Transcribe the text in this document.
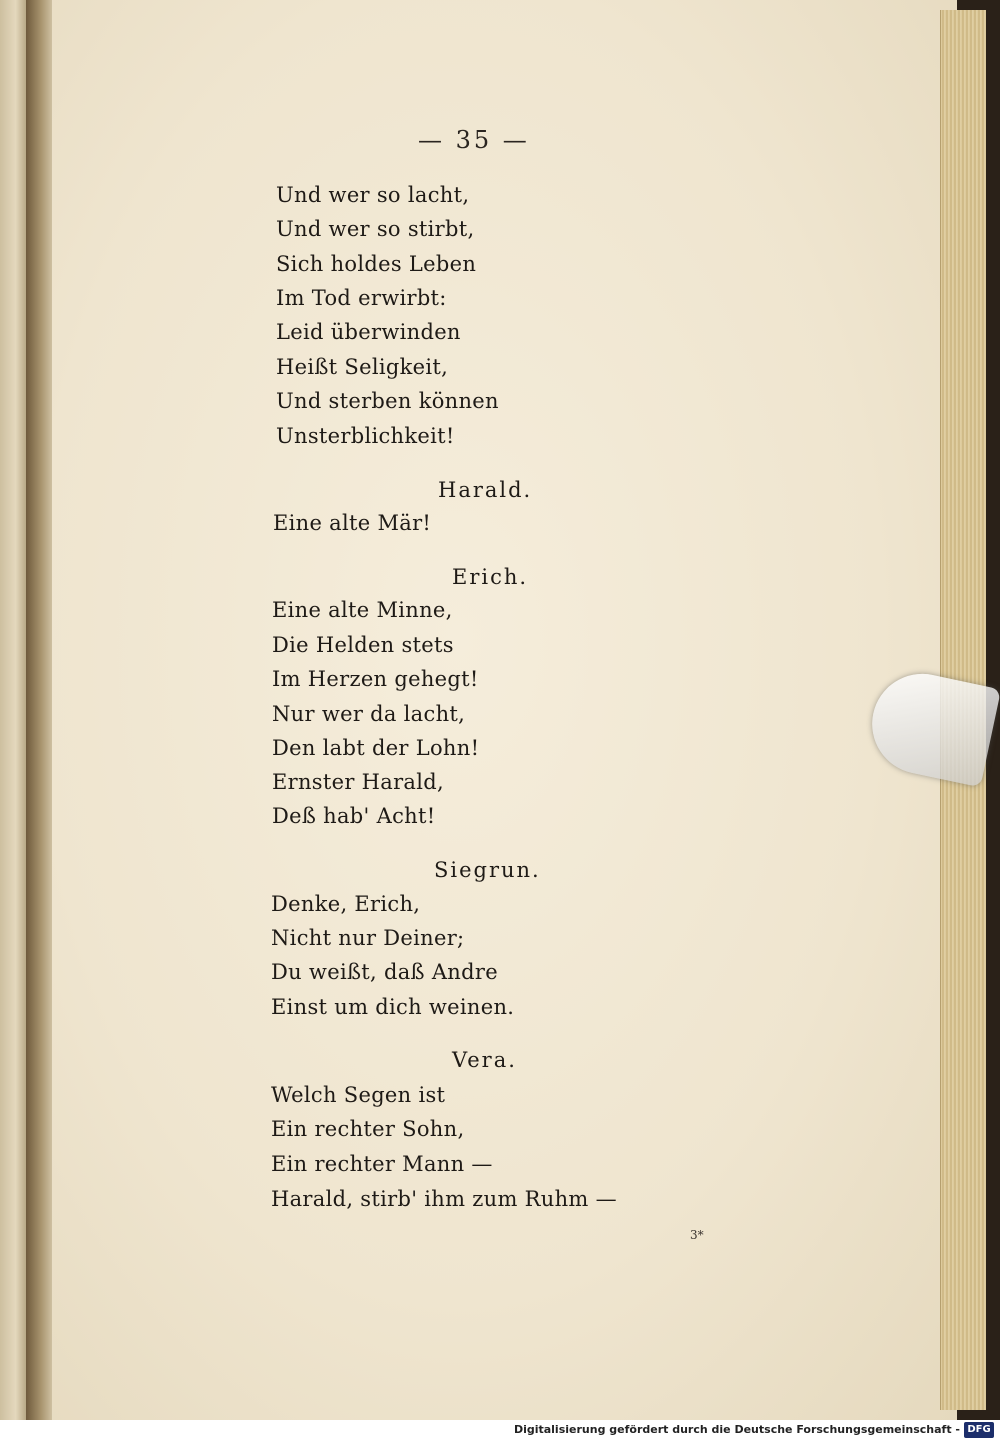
— 35 —
Und wer so lacht,
Und wer so stirbt,
Sich holdes Leben
Im Tod erwirbt:
Leid überwinden
Heißt Seligkeit,
Und sterben können
Unsterblichkeit!
Harald.
Eine alte Mär!
Erich.
Eine alte Minne,
Die Helden stets
Im Herzen gehegt!
Nur wer da lacht,
Den labt der Lohn!
Ernster Harald,
Deß hab' Acht!
Siegrun.
Denke, Erich,
Nicht nur Deiner;
Du weißt, daß Andre
Einst um dich weinen.
Vera.
Welch Segen ist
Ein rechter Sohn,
Ein rechter Mann —
Harald, stirb' ihm zum Ruhm —
3*
Digitalisierung gefördert durch die Deutsche Forschungsgemeinschaft - DFG
